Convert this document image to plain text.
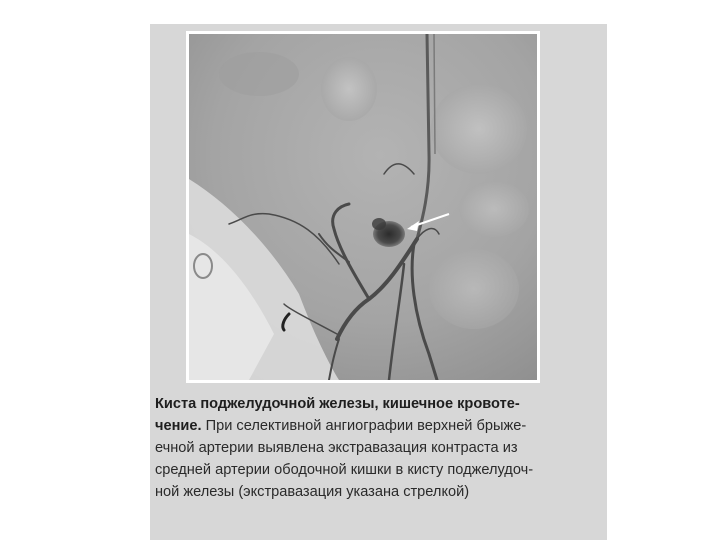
Киста поджелудочной железы, кишечное кровоте-
чение. При селективной ангиографии верхней брыже-
ечной артерии выявлена экстравазация контраста из
средней артерии ободочной кишки в кисту поджелудоч-
ной железы (экстравазация указана стрелкой)
